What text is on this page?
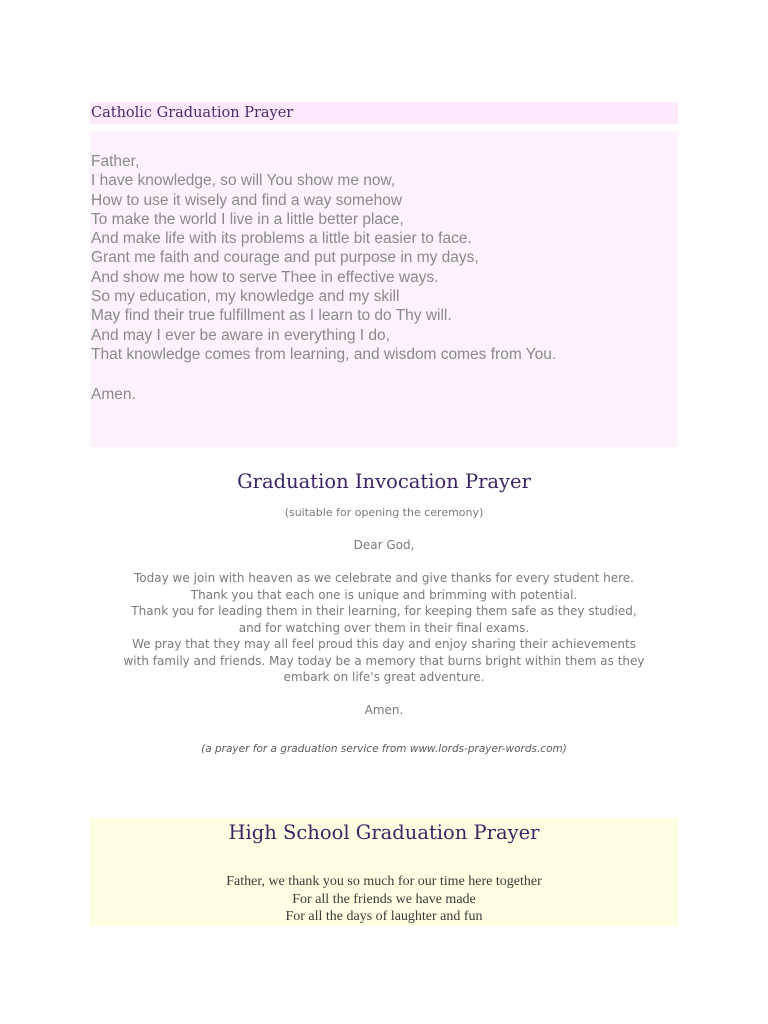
Catholic Graduation Prayer
Father,
I have knowledge, so will You show me now,
How to use it wisely and find a way somehow
To make the world I live in a little better place,
And make life with its problems a little bit easier to face.
Grant me faith and courage and put purpose in my days,
And show me how to serve Thee in effective ways.
So my education, my knowledge and my skill
May find their true fulfillment as I learn to do Thy will.
And may I ever be aware in everything I do,
That knowledge comes from learning, and wisdom comes from You.
Amen.
Graduation Invocation Prayer
(suitable for opening the ceremony)
Dear God,
Today we join with heaven as we celebrate and give thanks for every student here.
Thank you that each one is unique and brimming with potential.
Thank you for leading them in their learning, for keeping them safe as they studied,
and for watching over them in their final exams.
We pray that they may all feel proud this day and enjoy sharing their achievements
with family and friends. May today be a memory that burns bright within them as they
embark on life's great adventure.
Amen.
(a prayer for a graduation service from www.lords-prayer-words.com)
High School Graduation Prayer
Father, we thank you so much for our time here together
For all the friends we have made
For all the days of laughter and fun
